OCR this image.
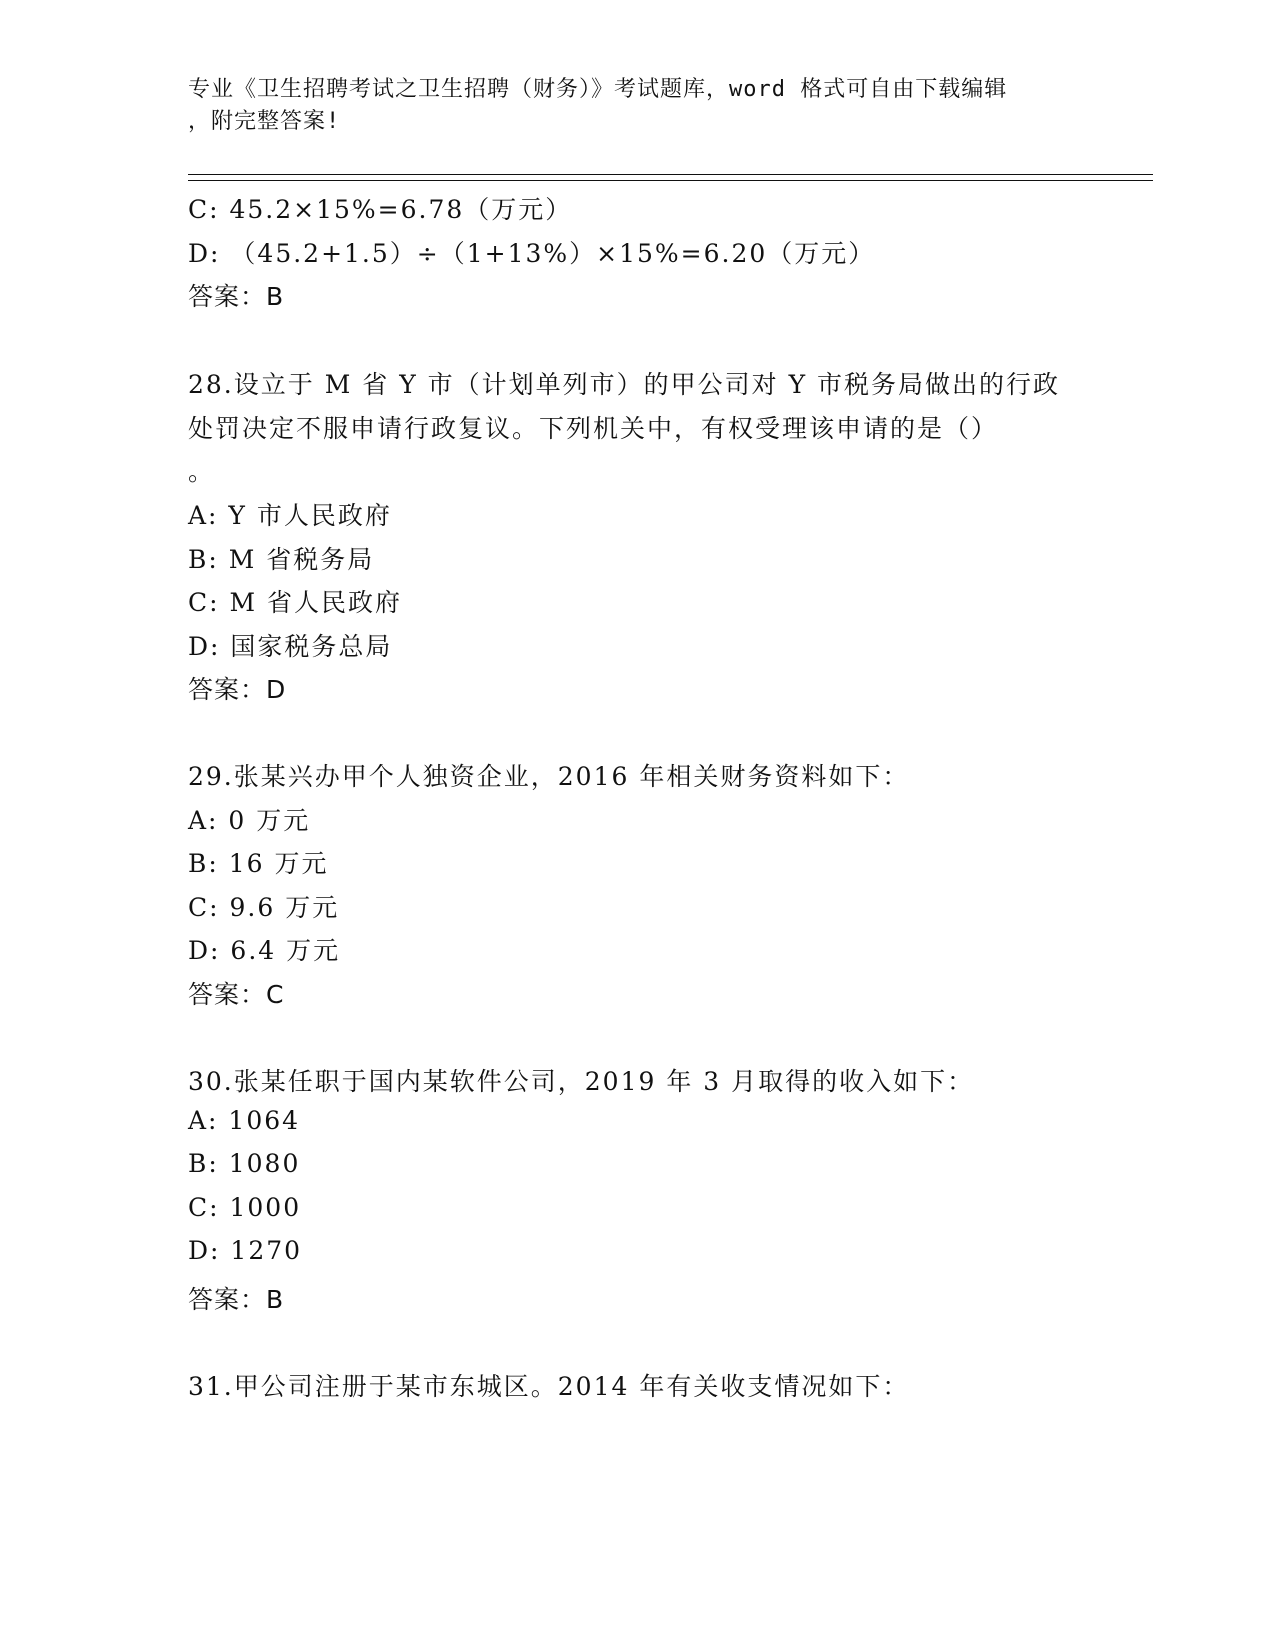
专业《卫生招聘考试之卫生招聘（财务）》考试题库，word 格式可自由下载编辑
，附完整答案!
C: 45.2×15%=6.78（万元）
D: （45.2+1.5）÷（1+13%）×15%=6.20（万元）
答案：B
28.设立于 M 省 Y 市（计划单列市）的甲公司对 Y 市税务局做出的行政
处罚决定不服申请行政复议。下列机关中，有权受理该申请的是（）
。
A: Y 市人民政府
B: M 省税务局
C: M 省人民政府
D: 国家税务总局
答案：D
29.张某兴办甲个人独资企业，2016 年相关财务资料如下：
A: 0 万元
B: 16 万元
C: 9.6 万元
D: 6.4 万元
答案：C
30.张某任职于国内某软件公司，2019 年 3 月取得的收入如下：
A: 1064
B: 1080
C: 1000
D: 1270
答案：B
31.甲公司注册于某市东城区。2014 年有关收支情况如下：
